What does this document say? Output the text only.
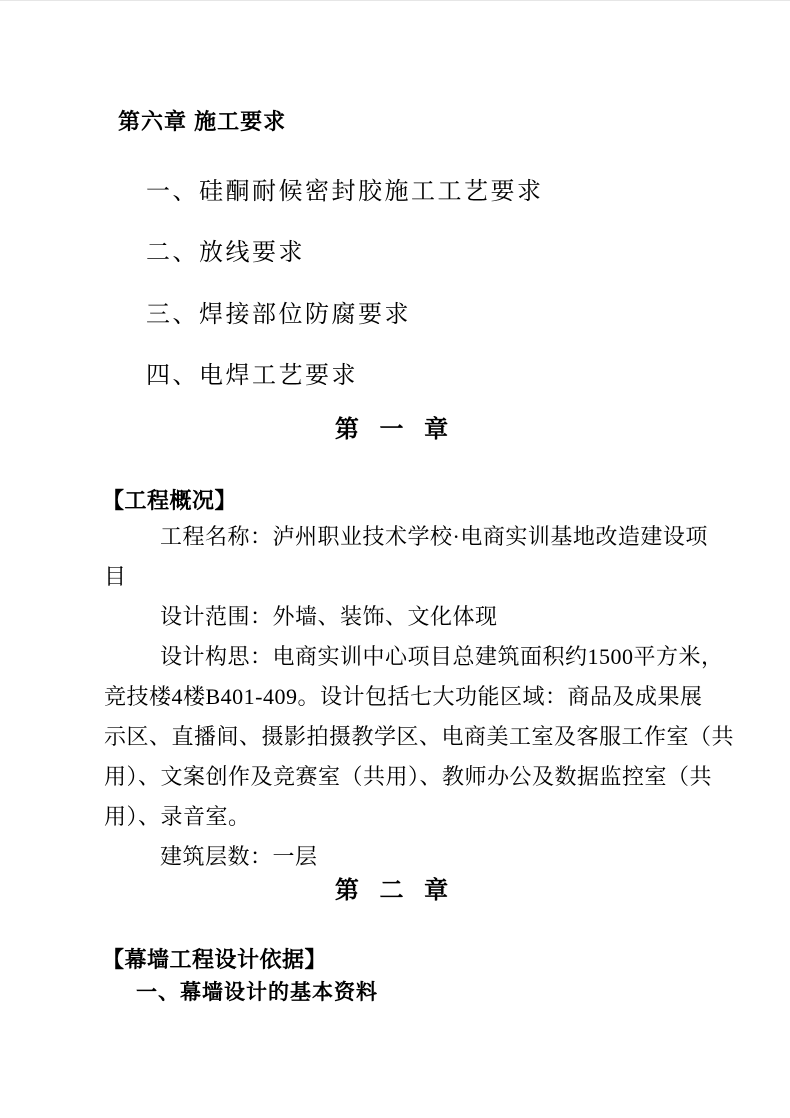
第六章 施工要求
一、硅酮耐候密封胶施工工艺要求
二、放线要求
三、焊接部位防腐要求
四、电焊工艺要求
第 一 章
【工程概况】
工程名称：泸州职业技术学校·电商实训基地改造建设项
目
设计范围：外墙、装饰、文化体现
设计构思：电商实训中心项目总建筑面积约1500平方米，
竞技楼4楼B401-409。设计包括七大功能区域：商品及成果展
示区、直播间、摄影拍摄教学区、电商美工室及客服工作室（共
用）、文案创作及竞赛室（共用）、教师办公及数据监控室（共
用）、录音室。
建筑层数：一层
第 二 章
【幕墙工程设计依据】
一、幕墙设计的基本资料
